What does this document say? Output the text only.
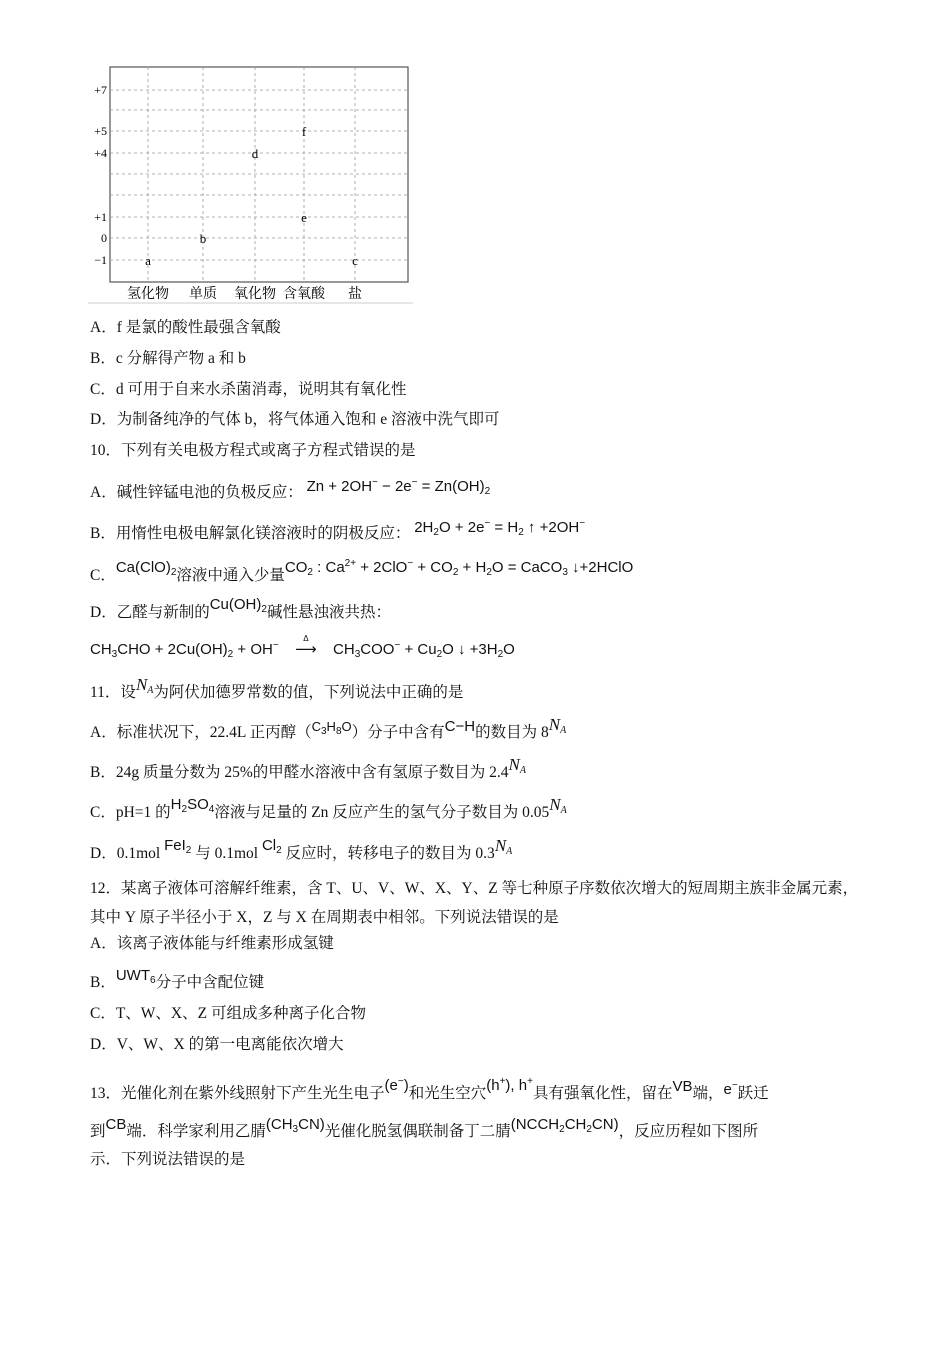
+7
+5
+4
+1
0
−1	a
b
d
f
e
c
氢化物 单质 氧化物 含氧酸 盐
A．f 是氯的酸性最强含氧酸
B．c 分解得产物 a 和 b
C．d 可用于自来水杀菌消毒，说明其有氧化性
D．为制备纯净的气体 b，将气体通入饱和 e 溶液中洗气即可
10．下列有关电极方程式或离子方程式错误的是
A．碱性锌锰电池的负极反应： $Zn + 2OH^- - 2e^- = Zn(OH)_2$
B．用惰性电极电解氯化镁溶液时的阴极反应： $2H_2O + 2e^- = H_2$ ↑ +2OH−
C．$Ca(ClO)_2$溶液中通入少量$CO_2$ : $Ca^{2+} + 2ClO^- + CO_2 + H_2O$ = CaCO$_3$ ↓+2HClO
D．乙醛与新制的$Cu(OH)_2$碱性悬浊液共热：
$CH_3CHO + 2Cu(OH)_2 + OH^-$
Δ
⟶ $CH_3COO^- + Cu_2O$ ↓ $+3H_2O$
11．设$N_A$为阿伏加德罗常数的值，下列说法中正确的是
A．标准状况下，22.4L 正丙醇（$^{C_3H_8O}$）分子中含有C−H的数目为 $8N_A$
B．24g 质量分数为 25%的甲醛水溶液中含有氢原子数目为 $2.4N_A$
C．pH=1 的$H_2SO_4$溶液与足量的 Zn 反应产生的氢气分子数目为 $0.05N_A$
D．0.1mol FeI$_2$ 与 0.1mol $Cl_2$ 反应时，转移电子的数目为 $0.3N_A$
12．某离子液体可溶解纤维素，含 T、U、V、W、X、Y、Z 等七种原子序数依次增大的短周期主族非金属元素，其中 Y 原子半径小于 X，Z 与 X 在周期表中相邻。下列说法错误的是
A．该离子液体能与纤维素形成氢键
B．$UWT_6$分子中含配位键
C．T、W、X、Z 可组成多种离子化合物
D．V、W、X 的第一电离能依次增大
13．光催化剂在紫外线照射下产生光生电子(e−)和光生空穴(h+), h+具有强氧化性，留在VB端，e−跃迁
到CB端．科学家利用乙腈$(CH_3CN)$光催化脱氢偶联制备丁二腈$(NCCH_2CH_2CN)$，反应历程如下图所
示．下列说法错误的是
